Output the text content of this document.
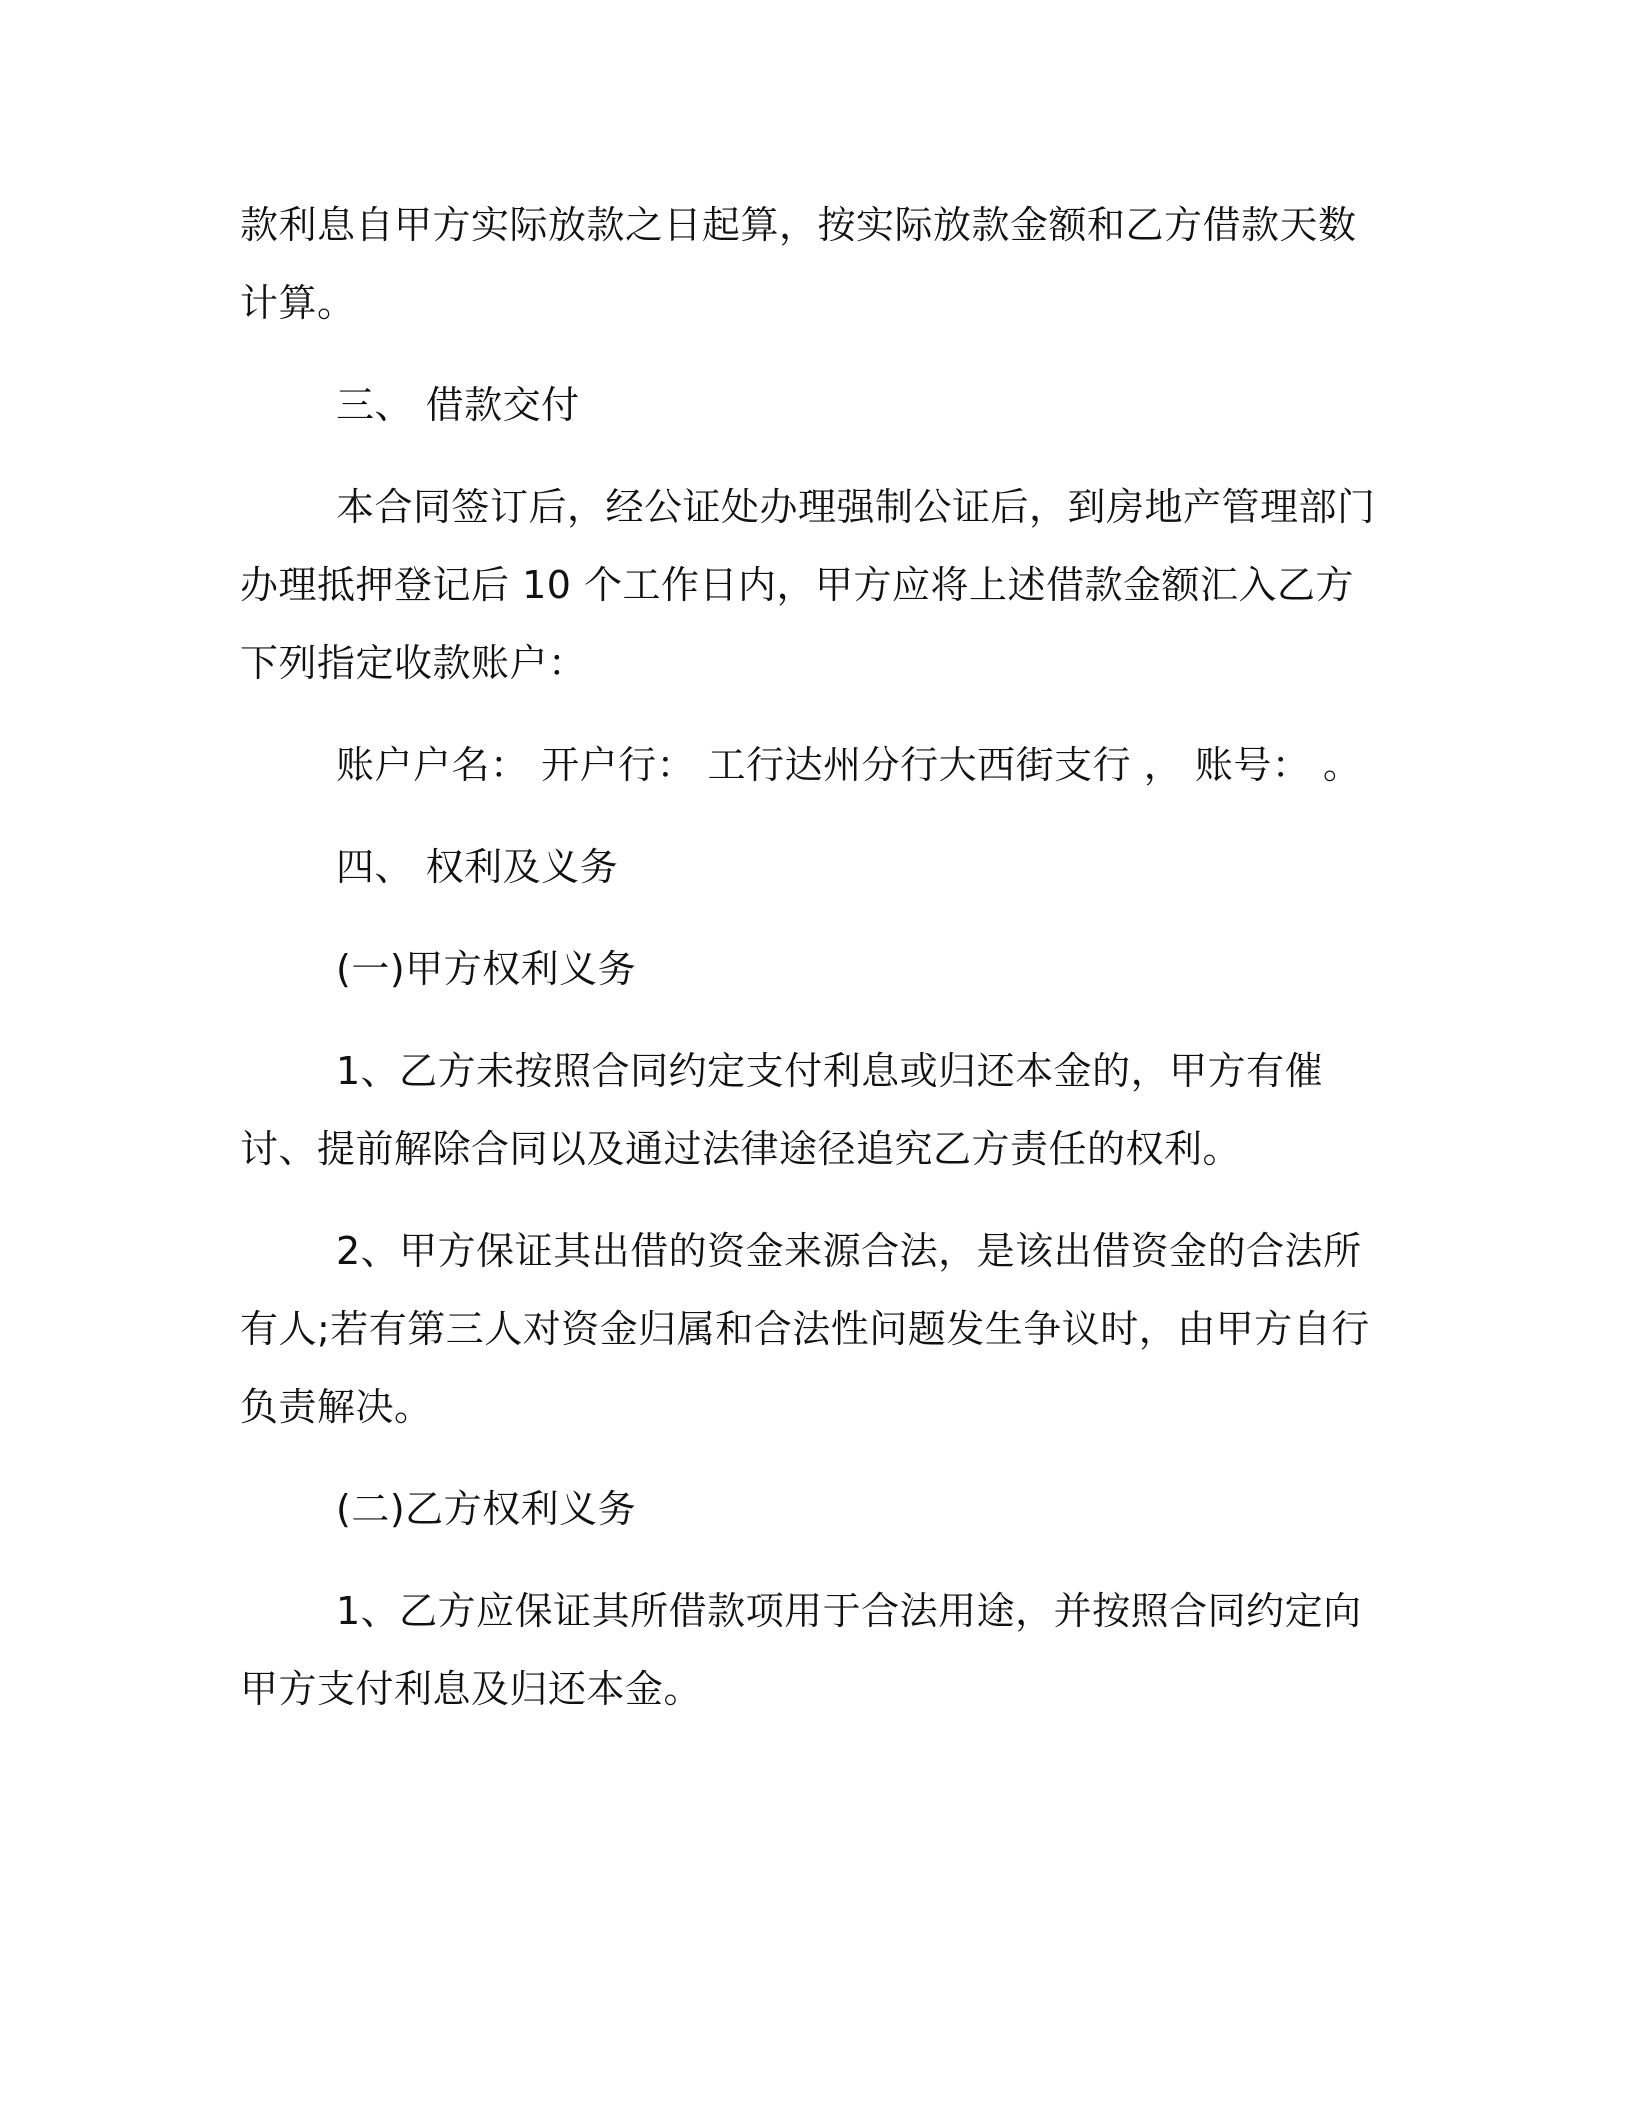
款利息自甲方实际放款之日起算，按实际放款金额和乙方借款天数计算。

三、 借款交付

本合同签订后，经公证处办理强制公证后，到房地产管理部门办理抵押登记后 10 个工作日内，甲方应将上述借款金额汇入乙方下列指定收款账户：

账户户名： 开户行： 工行达州分行大西街支行 ， 账号： 。

四、 权利及义务

(一)甲方权利义务

1、乙方未按照合同约定支付利息或归还本金的，甲方有催讨、提前解除合同以及通过法律途径追究乙方责任的权利。

2、甲方保证其出借的资金来源合法，是该出借资金的合法所有人;若有第三人对资金归属和合法性问题发生争议时，由甲方自行负责解决。

(二)乙方权利义务

1、乙方应保证其所借款项用于合法用途，并按照合同约定向甲方支付利息及归还本金。
